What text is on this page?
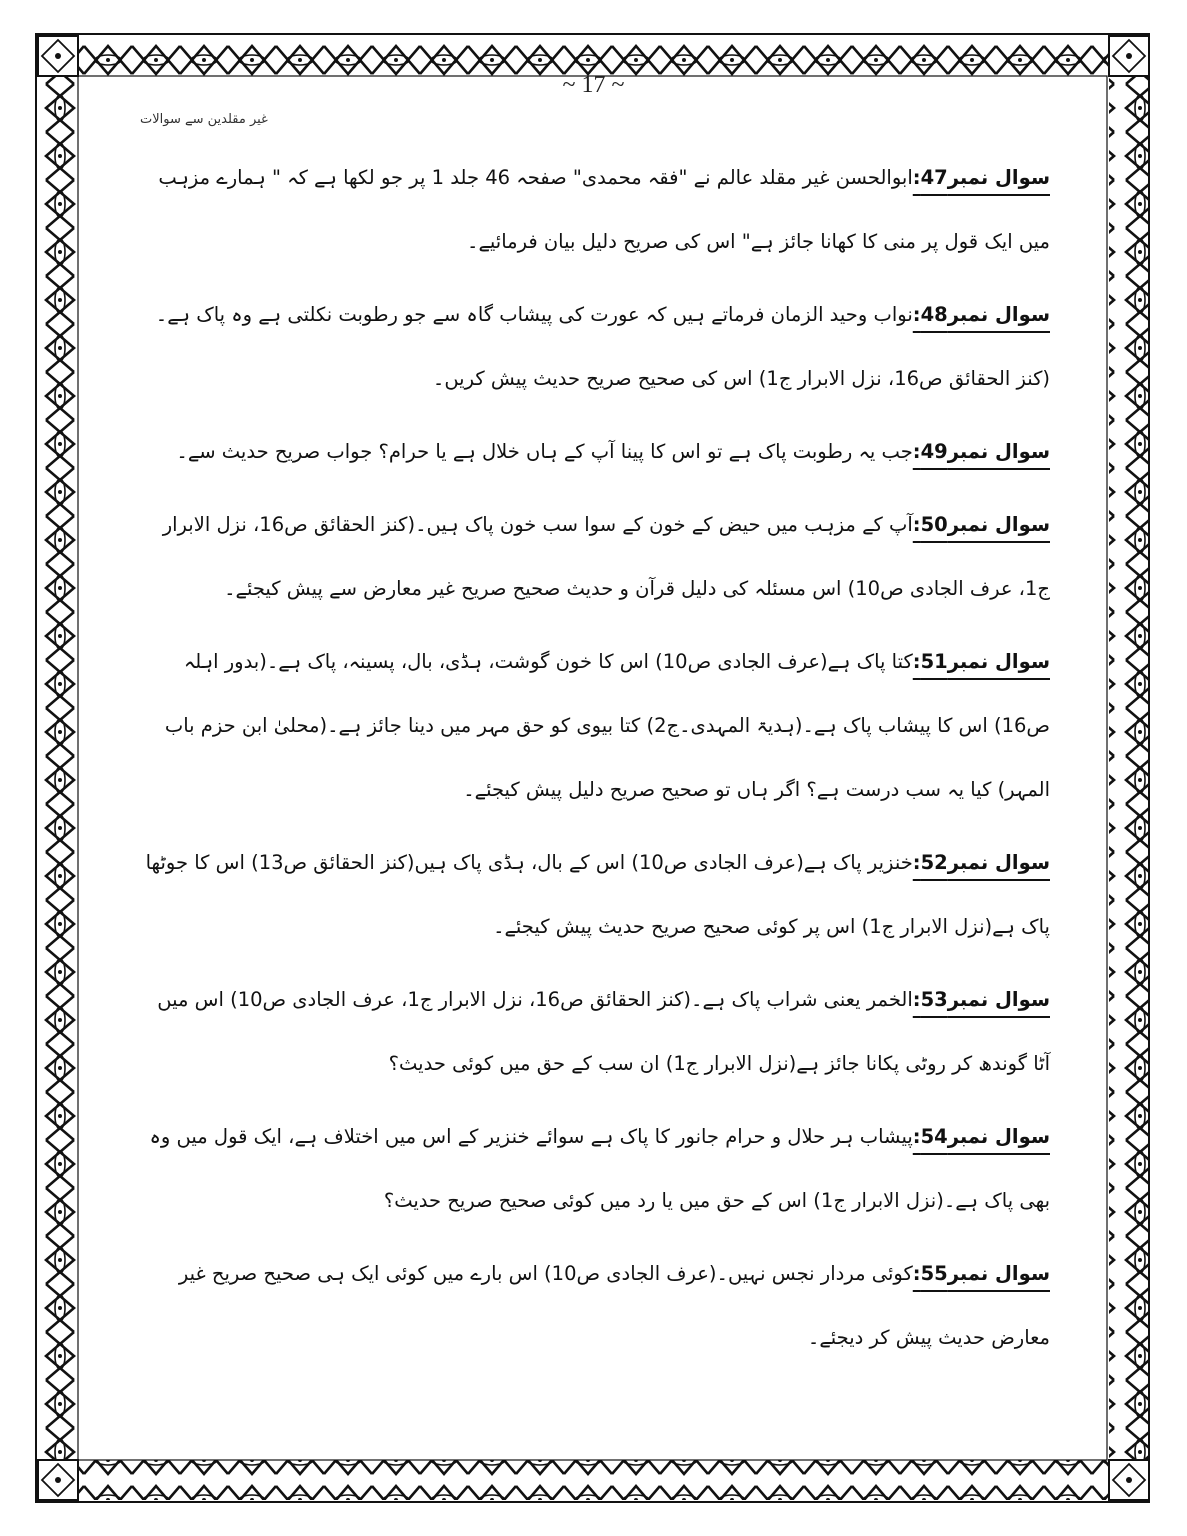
~ 17 ~
غیر مقلدین سے سوالات

سوال نمبر47:ابوالحسن غیر مقلد عالم نے "فقہ محمدی" صفحہ 46 جلد 1 پر جو لکھا ہے کہ " ہمارے مزہب میں ایک قول پر منی کا کھانا جائز ہے" اس کی صریح دلیل بیان فرمائیے۔

سوال نمبر48:نواب وحید الزمان فرماتے ہیں کہ عورت کی پیشاب گاہ سے جو رطوبت نکلتی ہے وہ پاک ہے۔(کنز الحقائق ص16، نزل الابرار ج1) اس کی صحیح صریح حدیث پیش کریں۔

سوال نمبر49:جب یہ رطوبت پاک ہے تو اس کا پینا آپ کے ہاں خلال ہے یا حرام؟ جواب صریح حدیث سے۔

سوال نمبر50:آپ کے مزہب میں حیض کے خون کے سوا سب خون پاک ہیں۔(کنز الحقائق ص16، نزل الابرار ج1، عرف الجادی ص10) اس مسئلہ کی دلیل قرآن و حدیث صحیح صریح غیر معارض سے پیش کیجئے۔

سوال نمبر51:کتا پاک ہے(عرف الجادی ص10) اس کا خون گوشت، ہڈی، بال، پسینہ، پاک ہے۔(بدور اہلہ ص16) اس کا پیشاب پاک ہے۔(ہدیۃ المہدی۔ج2) کتا بیوی کو حق مہر میں دینا جائز ہے۔(محلیٰ ابن حزم باب المہر) کیا یہ سب درست ہے؟ اگر ہاں تو صحیح صریح دلیل پیش کیجئے۔

سوال نمبر52:خنزیر پاک ہے(عرف الجادی ص10) اس کے بال، ہڈی پاک ہیں(کنز الحقائق ص13) اس کا جوٹھا پاک ہے(نزل الابرار ج1) اس پر کوئی صحیح صریح حدیث پیش کیجئے۔

سوال نمبر53:الخمر یعنی شراب پاک ہے۔(کنز الحقائق ص16، نزل الابرار ج1، عرف الجادی ص10) اس میں آٹا گوندھ کر روٹی پکانا جائز ہے(نزل الابرار ج1) ان سب کے حق میں کوئی حدیث؟

سوال نمبر54:پیشاب ہر حلال و حرام جانور کا پاک ہے سوائے خنزیر کے اس میں اختلاف ہے، ایک قول میں وہ بھی پاک ہے۔(نزل الابرار ج1) اس کے حق میں یا رد میں کوئی صحیح صریح حدیث؟

سوال نمبر55:کوئی مردار نجس نہیں۔(عرف الجادی ص10) اس بارے میں کوئی ایک ہی صحیح صریح غیر معارض حدیث پیش کر دیجئے۔
